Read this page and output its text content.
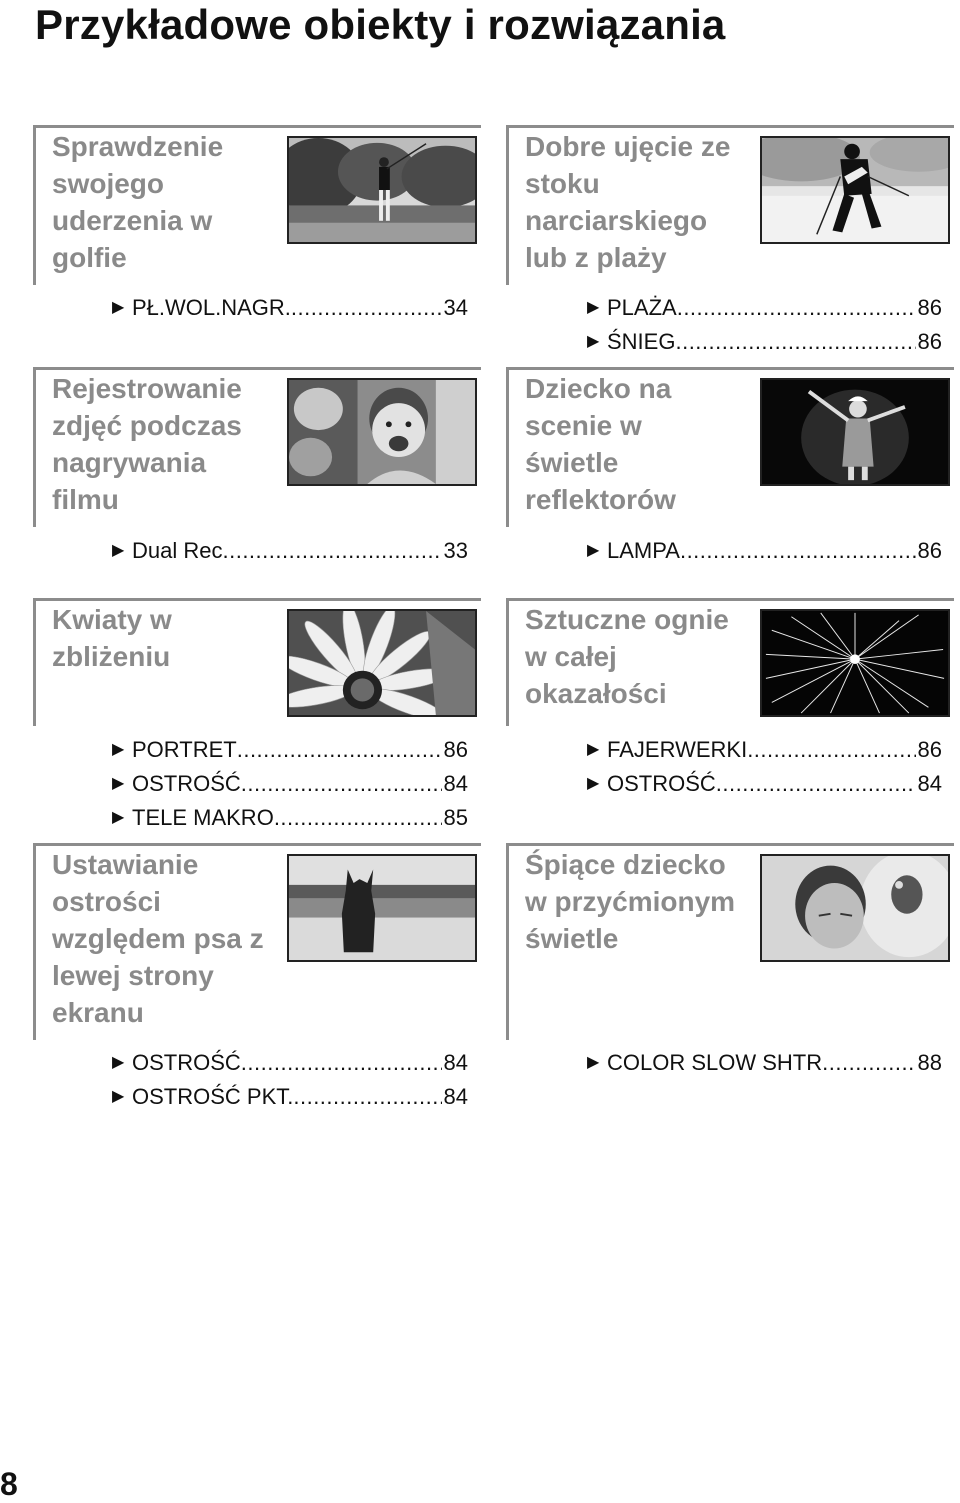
Przykładowe obiekty i rozwiązania
Sprawdzenie swojego uderzenia w golfie
▶ PŁ.WOL.NAGR. .....	34
Dobre ujęcie ze stoku narciarskiego lub z plaży
▶ PLAŻA .....	86
▶ ŚNIEG .....	86
Rejestrowanie zdjęć podczas nagrywania filmu
▶ Dual Rec .....	33
Dziecko na scenie w świetle reflektorów
▶ LAMPA .....	86
Kwiaty w zbliżeniu
▶ PORTRET .....	86
▶ OSTROŚĆ .....	84
▶ TELE MAKRO .....	85
Sztuczne ognie w całej okazałości
▶ FAJERWERKI .....	86
▶ OSTROŚĆ .....	84
Ustawianie ostrości względem psa z lewej strony ekranu
▶ OSTROŚĆ .....	84
▶ OSTROŚĆ PKT. .....	84
Śpiące dziecko w przyćmionym świetle
▶ COLOR SLOW SHTR .....	88
8
